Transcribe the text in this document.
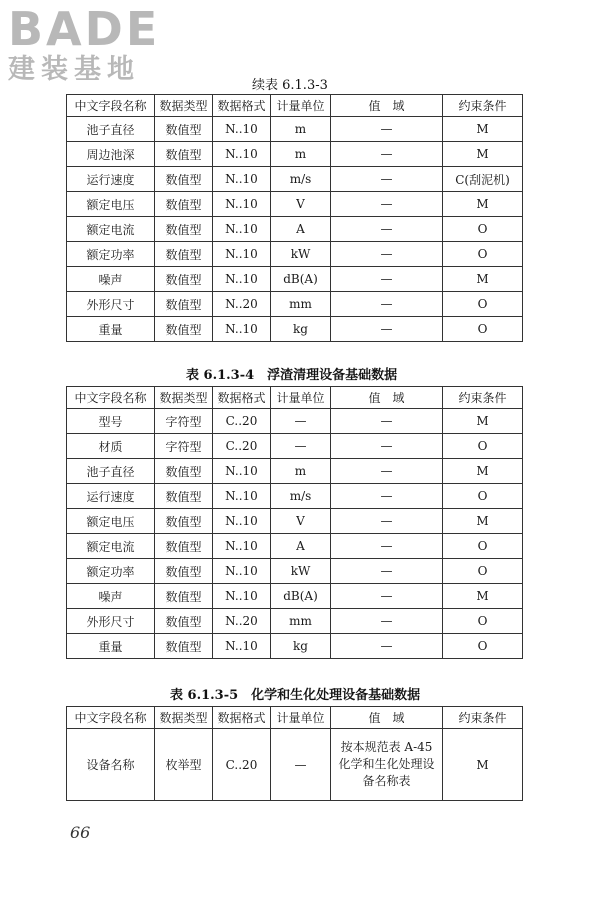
BADE
建装基地
续表 6.1.3-3
中文字段名称	数据类型	数据格式	计量单位	值　域	约束条件
池子直径	数值型	N..10	m	—	M
周边池深	数值型	N..10	m	—	M
运行速度	数值型	N..10	m/s	—	C(刮泥机)
额定电压	数值型	N..10	V	—	M
额定电流	数值型	N..10	A	—	O
额定功率	数值型	N..10	kW	—	O
噪声	数值型	N..10	dB(A)	—	M
外形尺寸	数值型	N..20	mm	—	O
重量	数值型	N..10	kg	—	O
表 6.1.3-4　浮渣清理设备基础数据
中文字段名称	数据类型	数据格式	计量单位	值　域	约束条件
型号	字符型	C..20	—	—	M
材质	字符型	C..20	—	—	O
池子直径	数值型	N..10	m	—	M
运行速度	数值型	N..10	m/s	—	O
额定电压	数值型	N..10	V	—	M
额定电流	数值型	N..10	A	—	O
额定功率	数值型	N..10	kW	—	O
噪声	数值型	N..10	dB(A)	—	M
外形尺寸	数值型	N..20	mm	—	O
重量	数值型	N..10	kg	—	O
表 6.1.3-5　化学和生化处理设备基础数据
中文字段名称	数据类型	数据格式	计量单位	值　域	约束条件
设备名称	枚举型	C..20	—	按本规范表 A-45 化学和生化处理设备名称表	M
66
